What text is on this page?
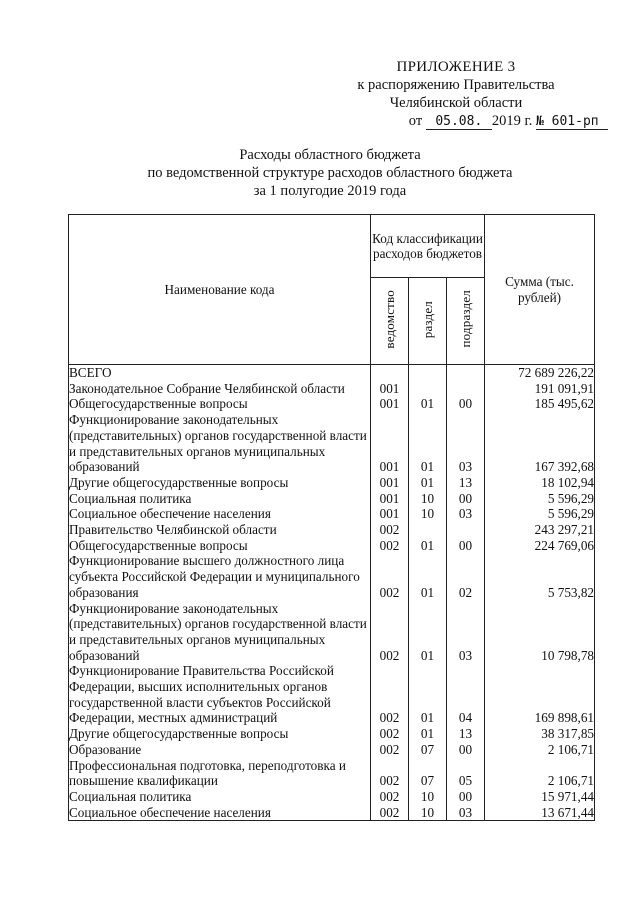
ПРИЛОЖЕНИЕ 3
к распоряжению Правительства
Челябинской области
от 05.08. 2019 г. № 601-рп
Расходы областного бюджета
по ведомственной структуре расходов областного бюджета
за 1 полугодие 2019 года
Наименование кода	Код классификации расходов бюджетов			Сумма (тыс. рублей)
	ведомство	раздел	подраздел	
ВСЕГО				72 689 226,22
Законодательное Собрание Челябинской области	001			191 091,91
Общегосударственные вопросы	001	01	00	185 495,62
Функционирование законодательных (представительных) органов государственной власти и представительных органов муниципальных образований	001	01	03	167 392,68
Другие общегосударственные вопросы	001	01	13	18 102,94
Социальная политика	001	10	00	5 596,29
Социальное обеспечение населения	001	10	03	5 596,29
Правительство Челябинской области	002			243 297,21
Общегосударственные вопросы	002	01	00	224 769,06
Функционирование высшего должностного лица субъекта Российской Федерации и муниципального образования	002	01	02	5 753,82
Функционирование законодательных (представительных) органов государственной власти и представительных органов муниципальных образований	002	01	03	10 798,78
Функционирование Правительства Российской Федерации, высших исполнительных органов государственной власти субъектов Российской Федерации, местных администраций	002	01	04	169 898,61
Другие общегосударственные вопросы	002	01	13	38 317,85
Образование	002	07	00	2 106,71
Профессиональная подготовка, переподготовка и повышение квалификации	002	07	05	2 106,71
Социальная политика	002	10	00	15 971,44
Социальное обеспечение населения	002	10	03	13 671,44
